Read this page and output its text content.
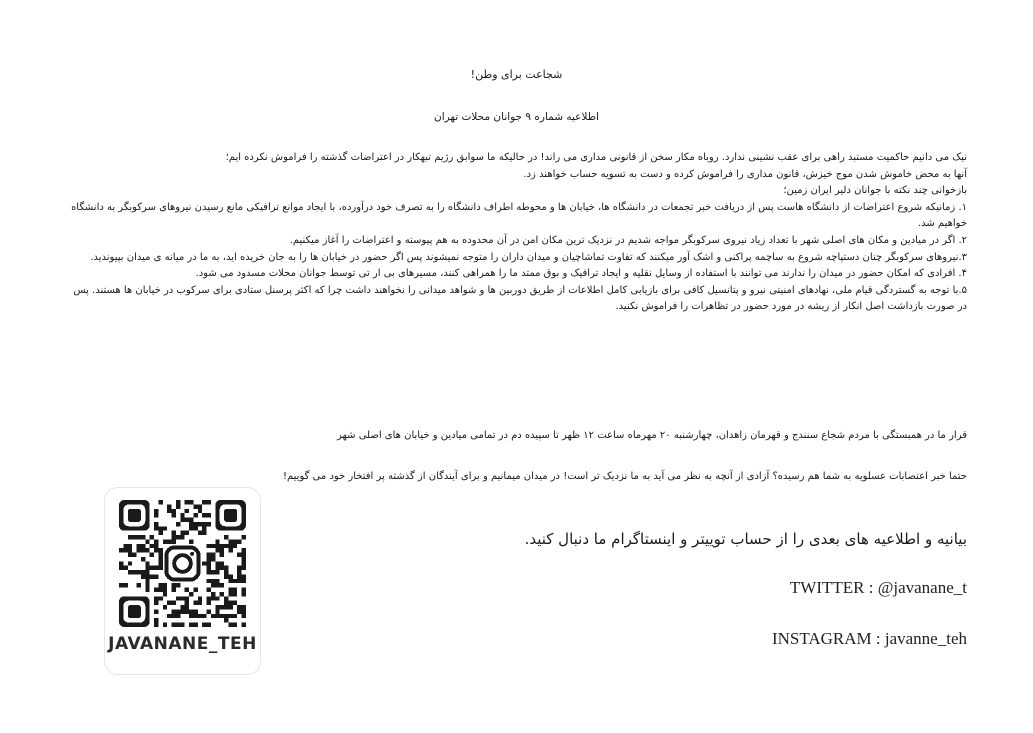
شجاعت برای وطن!
اطلاعیه شماره ۹ جوانان محلات تهران

نیک می دانیم حاکمیت مستبد راهی برای عقب نشینی ندارد. روباه مکار سخن از قانونی مداری می راند! در حالیکه ما سوابق رژیم تبهکار در اعتراضات گذشته را فراموش نکرده ایم؛

آنها به محض خاموش شدن موج خیزش، قانون مداری را فراموش کرده و دست به تسویه حساب خواهند زد.

بازخوانی چند نکته با جوانان دلیر ایران زمین؛

۱. زمانیکه شروع اعتراضات از دانشگاه هاست پس از دریافت خبر تجمعات در دانشگاه ها، خیابان ها و محوطه اطراف دانشگاه را به تصرف خود درآورده، با ایجاد موانع ترافیکی مانع رسیدن نیروهای سرکوبگر به دانشگاه خواهیم شد.

۲. اگر در میادین و مکان های اصلی شهر با تعداد زیاد نیروی سرکوبگر مواجه شدیم در نزدیک ترین مکان امن در آن محدوده به هم پیوسته و اعتراضات را آغاز میکنیم.

۳.نیروهای سرکوبگر چنان دستپاچه شروع به ساچمه پراکنی و اشک آور میکنند که تفاوت تماشاچیان و میدان داران را متوجه نمیشوند پس اگر حضور در خیابان ها را به جان خریده اید، به ما در میانه ی میدان بپیوندید.

۴. افرادی که امکان حضور در میدان را ندارند می توانند با استفاده از وسایل نقلیه و ایجاد ترافیک و بوق ممتد ما را همراهی کنند، مسیرهای بی ار تی توسط جوانان محلات مسدود می شود.

۵.با توجه به گستردگی قیام ملی، نهادهای امنیتی نیرو و پتانسیل کافی برای بازیابی کامل اطلاعات از طریق دوربین ها و شواهد میدانی را نخواهند داشت چرا که اکثر پرسنل ستادی برای سرکوب در خیابان ها هستند. پس در صورت بازداشت اصل انکار از ریشه در مورد حضور در تظاهرات را فراموش نکنید.

قرار ما در همبستگی با مردم شجاع سنندج و قهرمان زاهدان، چهارشنبه ۲۰ مهرماه ساعت ۱۲ ظهر تا سپیده دم در تمامی میادین و خیابان های اصلی شهر
حتما خبر اعتصابات عسلویه به شما هم رسیده؟ آزادی از آنچه به نظر می آید به ما نزدیک تر است! در میدان میمانیم و برای آیندگان از گذشته پر افتخار خود می گوییم!
بیانیه و اطلاعیه های بعدی را از حساب توییتر و اینستاگرام ما دنبال کنید.
TWITTER : @javanane_t
INSTAGRAM : javanne_teh
JAVANANE_TEH
